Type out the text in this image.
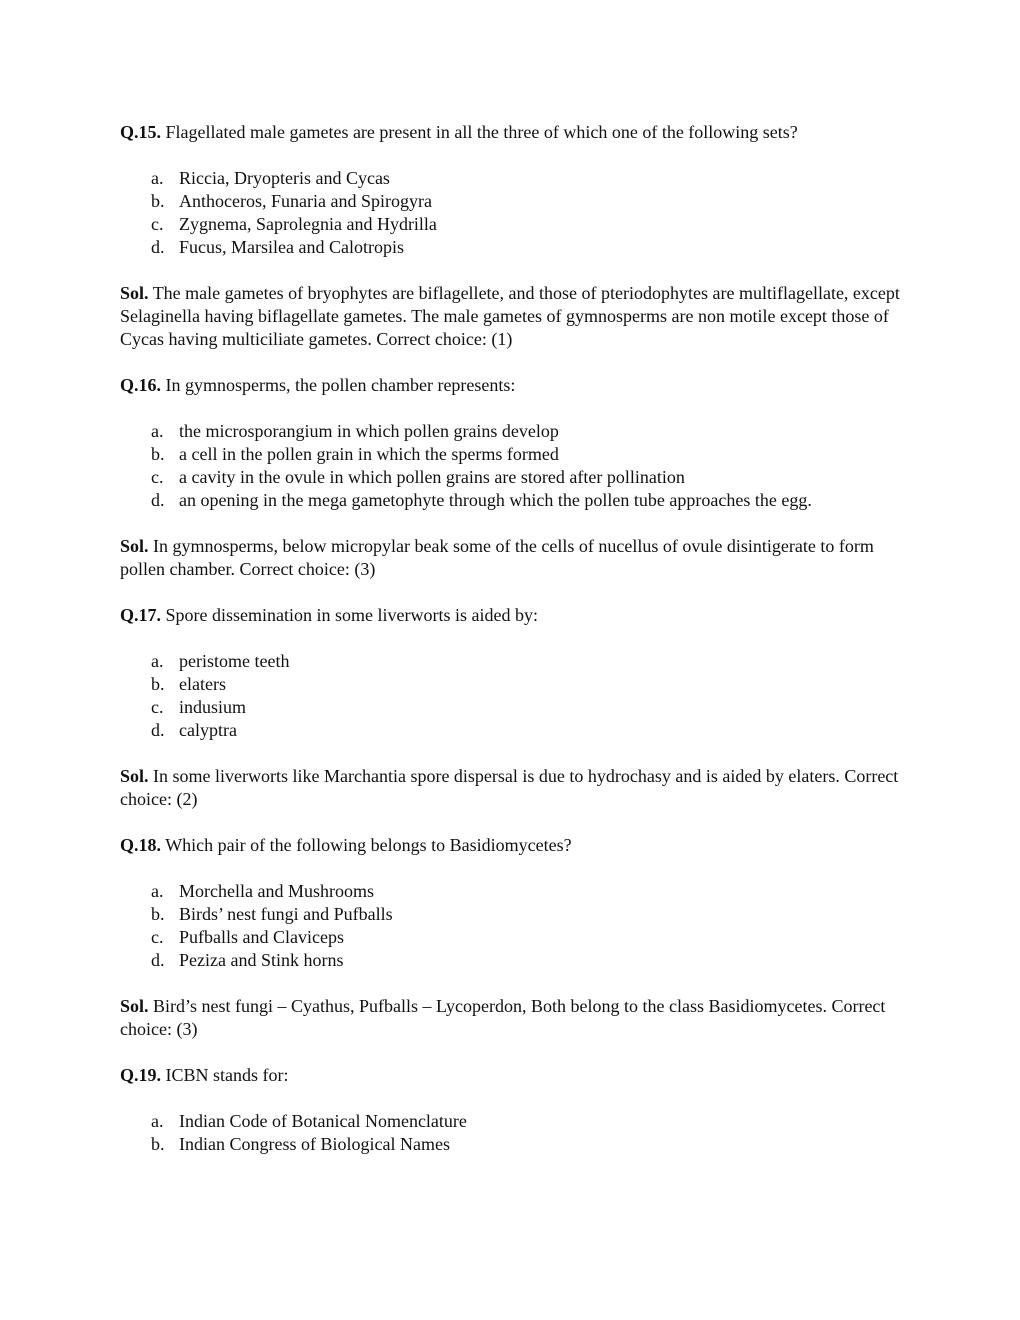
Q.15. Flagellated male gametes are present in all the three of which one of the following sets?

a. Riccia, Dryopteris and Cycas
b. Anthoceros, Funaria and Spirogyra
c. Zygnema, Saprolegnia and Hydrilla
d. Fucus, Marsilea and Calotropis

Sol. The male gametes of bryophytes are biflagellete, and those of pteriodophytes are multiflagellate, except Selaginella having biflagellate gametes. The male gametes of gymnosperms are non motile except those of Cycas having multiciliate gametes. Correct choice: (1)

Q.16. In gymnosperms, the pollen chamber represents:

a. the microsporangium in which pollen grains develop
b. a cell in the pollen grain in which the sperms formed
c. a cavity in the ovule in which pollen grains are stored after pollination
d. an opening in the mega gametophyte through which the pollen tube approaches the egg.

Sol. In gymnosperms, below micropylar beak some of the cells of nucellus of ovule disintigerate to form pollen chamber. Correct choice: (3)

Q.17. Spore dissemination in some liverworts is aided by:

a. peristome teeth
b. elaters
c. indusium
d. calyptra

Sol. In some liverworts like Marchantia spore dispersal is due to hydrochasy and is aided by elaters. Correct choice: (2)

Q.18. Which pair of the following belongs to Basidiomycetes?

a. Morchella and Mushrooms
b. Birds’ nest fungi and Pufballs
c. Pufballs and Claviceps
d. Peziza and Stink horns

Sol. Bird’s nest fungi – Cyathus, Pufballs – Lycoperdon, Both belong to the class Basidiomycetes. Correct choice: (3)

Q.19. ICBN stands for:

a. Indian Code of Botanical Nomenclature
b. Indian Congress of Biological Names
